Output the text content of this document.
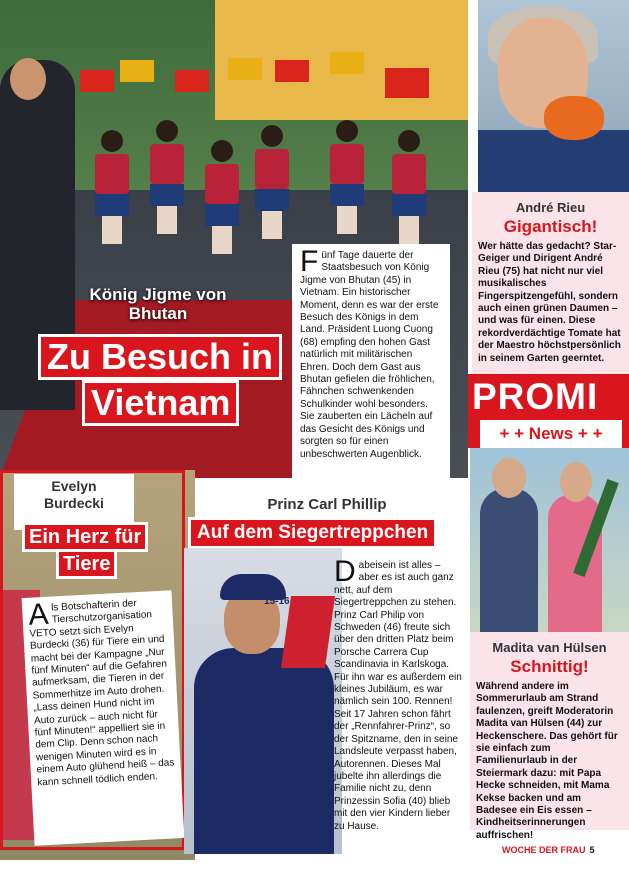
König Jigme von Bhutan
Zu Besuch in
Vietnam
Fünf Tage dauerte der Staatsbesuch von König Jigme von Bhutan (45) in Vietnam. Ein historischer Moment, denn es war der erste Besuch des Königs in dem Land. Präsident Luong Cuong (68) empfing den hohen Gast natürlich mit militärischen Ehren. Doch dem Gast aus Bhutan gefielen die fröhlichen, Fähnchen schwenkenden Schulkinder wohl besonders. Sie zauberten ein Lächeln auf das Gesicht des Königs und sorgten so für einen unbeschwerten Augenblick.
André Rieu
Gigantisch!
Wer hätte das gedacht? Star-Geiger und Dirigent André Rieu (75) hat nicht nur viel musikalisches Fingerspitzengefühl, sondern auch einen grünen Daumen – und was für einen. Diese rekordverdächtige Tomate hat der Maestro höchstpersönlich in seinem Garten geerntet.
PROMI
+ + News + +
Madita van Hülsen
Schnittig!
Während andere im Sommerurlaub am Strand faulenzen, greift Moderatorin Madita van Hülsen (44) zur Heckenschere. Das gehört für sie einfach zum Familienurlaub in der Steiermark dazu: mit Papa Hecke schneiden, mit Mama Kekse backen und am Badesee ein Eis essen – Kindheitserinnerungen auffrischen!
Evelyn
Burdecki
Ein Herz für
Tiere
Als Botschafterin der Tierschutzorganisation VETO setzt sich Evelyn Burdecki (36) für Tiere ein und macht bei der Kampagne „Nur fünf Minuten“ auf die Gefahren aufmerksam, die Tieren in der Sommerhitze im Auto drohen. „Lass deinen Hund nicht im Auto zurück – auch nicht für fünf Minuten!“ appelliert sie in dem Clip. Denn schon nach wenigen Minuten wird es in einem Auto glühend heiß – das kann schnell tödlich enden.
Prinz Carl Phillip
Auf dem Siegertreppchen
15-16
Dabeisein ist alles – aber es ist auch ganz nett, auf dem Siegertreppchen zu stehen. Prinz Carl Philip von Schweden (46) freute sich über den dritten Platz beim Porsche Carrera Cup Scandinavia in Karlskoga. Für ihn war es außerdem ein kleines Jubiläum, es war nämlich sein 100. Rennen! Seit 17 Jahren schon fährt der „Rennfahrer-Prinz“, so der Spitzname, den in seine Landsleute verpasst haben, Autorennen. Dieses Mal jubelte ihn allerdings die Familie nicht zu, denn Prinzessin Sofia (40) blieb mit den vier Kindern lieber zu Hause.
WOCHE DER FRAU 5
